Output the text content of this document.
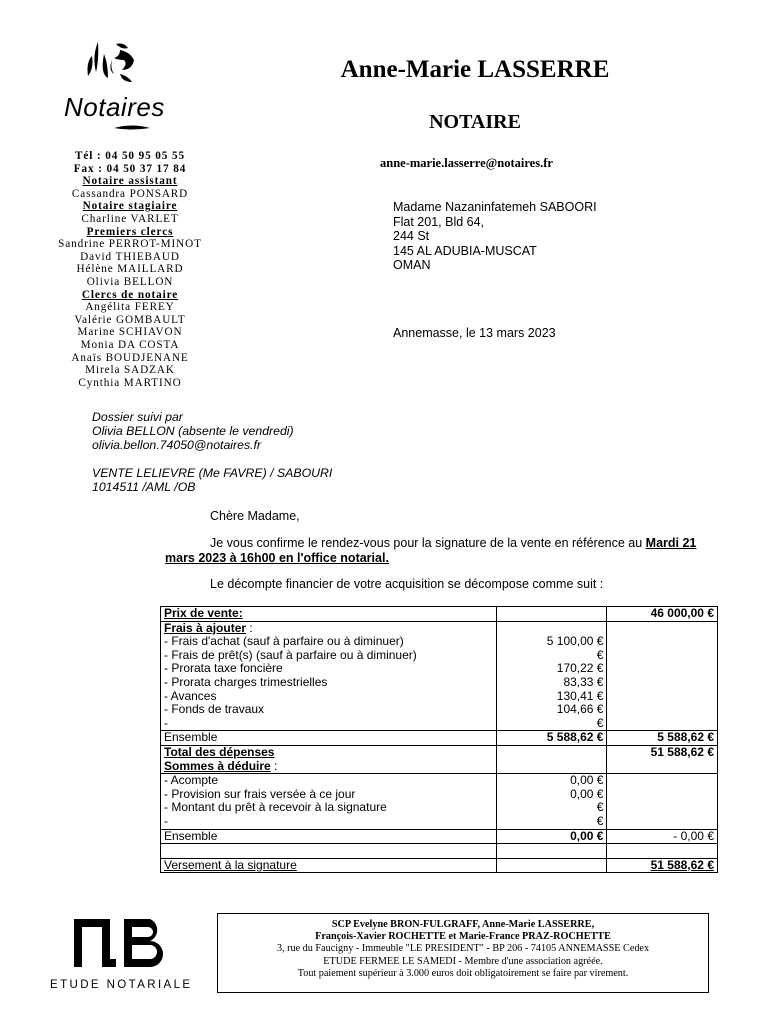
Notaires
Anne-Marie LASSERRE
NOTAIRE
anne-marie.lasserre@notaires.fr
Tél : 04 50 95 05 55
Fax : 04 50 37 17 84
Notaire assistant
Cassandra PONSARD
Notaire stagiaire
Charline VARLET
Premiers clercs
Sandrine PERROT-MINOT
David THIEBAUD
Hélène MAILLARD
Olivia BELLON
Clercs de notaire
Angélita FEREY
Valérie GOMBAULT
Marine SCHIAVON
Monia DA COSTA
Anaïs BOUDJENANE
Mirela SADZAK
Cynthia MARTINO
Madame Nazaninfatemeh SABOORI
Flat 201, Bld 64,
244 St
145 AL ADUBIA-MUSCAT
OMAN
Annemasse, le 13 mars 2023
Dossier suivi par
Olivia BELLON (absente le vendredi)
olivia.bellon.74050@notaires.fr
VENTE LELIEVRE (Me FAVRE) / SABOURI
1014511 /AML /OB
Chère Madame,
Je vous confirme le rendez-vous pour la signature de la vente en référence au Mardi 21 mars 2023 à 16h00 en l'office notarial.
Le décompte financier de votre acquisition se décompose comme suit :
Prix de vente:		46 000,00 €
Frais à ajouter :		
- Frais d'achat (sauf à parfaire ou à diminuer)	5 100,00 €	
- Frais de prêt(s) (sauf à parfaire ou à diminuer)	€	
- Prorata taxe foncière	170,22 €	
- Prorata charges trimestrielles	83,33 €	
- Avances	130,41 €	
- Fonds de travaux	104,66 €	
-	€	
Ensemble	5 588,62 €	5 588,62 €
Total des dépenses		51 588,62 €
Sommes à déduire :		
- Acompte	0,00 €	
- Provision sur frais versée à ce jour	0,00 €	
- Montant du prêt à recevoir à la signature	€	
-	€	
Ensemble	0,00 €	- 0,00 €

Versement à la signature		51 588,62 €
ETUDE NOTARIALE
SCP Evelyne BRON-FULGRAFF, Anne-Marie LASSERRE,
François-Xavier ROCHETTE et Marie-France PRAZ-ROCHETTE
3, rue du Faucigny - Immeuble "LE PRESIDENT" - BP 206 - 74105 ANNEMASSE Cedex
ETUDE FERMEE LE SAMEDI - Membre d'une association agréée.
Tout paiement supérieur à 3.000 euros doit obligatoirement se faire par virement.
